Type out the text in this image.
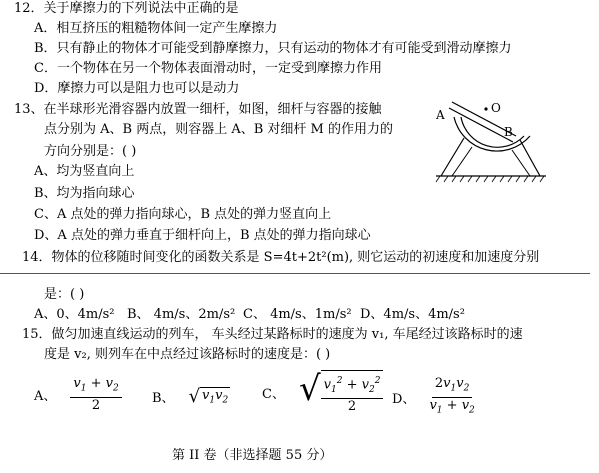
12．关于摩擦力的下列说法中正确的是
A．相互挤压的粗糙物体间一定产生摩擦力
B．只有静止的物体才可能受到静摩擦力，只有运动的物体才有可能受到滑动摩擦力
C．一个物体在另一个物体表面滑动时，一定受到摩擦力作用
D．摩擦力可以是阻力也可以是动力
13、在半球形光滑容器内放置一细杆，如图，细杆与容器的接触
点分别为 A、B 两点，则容器上 A、B 对细杆 M 的作用力的
方向分别是：( )
A、均为竖直向上
B、均为指向球心
C、A 点处的弹力指向球心，B 点处的弹力竖直向上
D、A 点处的弹力垂直于细杆向上，B 点处的弹力指向球心
A
B
O
14．物体的位移随时间变化的函数关系是 S=4t+2t²(m), 则它运动的初速度和加速度分别
是：( )
A、0、4m/s² B、 4m/s、2m/s² C、 4m/s、1m/s² D、4m/s、4m/s²
15．做匀加速直线运动的列车， 车头经过某路标时的速度为 v₁, 车尾经过该路标时的速
度是 v₂, 则列车在中点经过该路标时的速度是：( )
A、 $\frac{v_1 + v_2}{2}$ B、 √ $v_1v_2$	C、 √ $\frac{v_1^2 + v_2^2}{2}$ D、 $\frac{2v_1v_2}{v_1 + v_2}$
第 II 卷（非选择题 55 分）
